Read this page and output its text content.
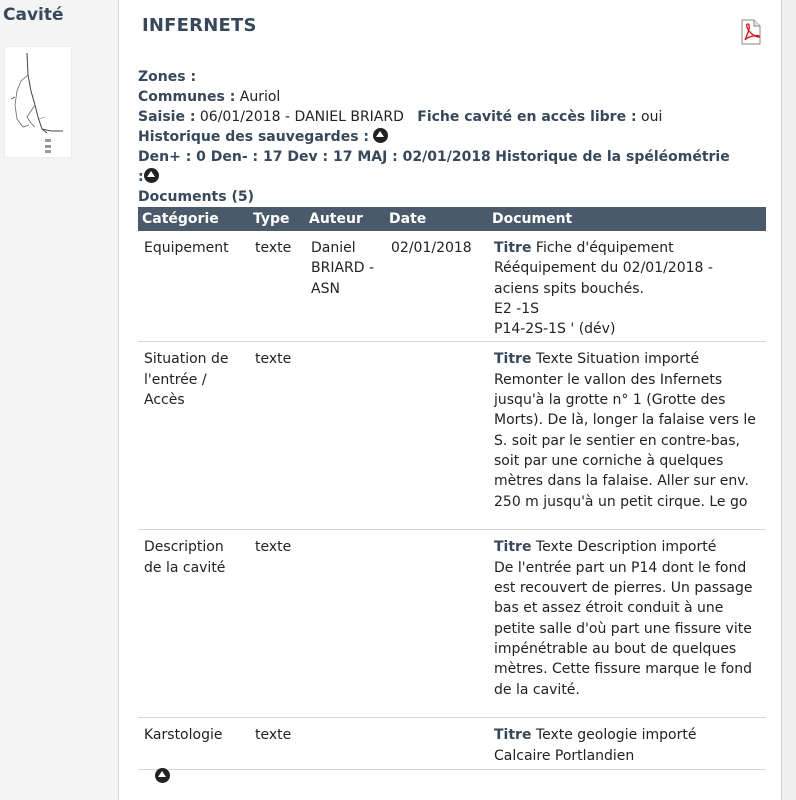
Cavité	INFERNETS
Zones :
Communes : Auriol
Saisie : 06/01/2018 - DANIEL BRIARD Fiche cavité en accès libre : oui
Historique des sauvegardes :
Den+ : 0 Den- : 17 Dev : 17 MAJ : 02/01/2018 Historique de la spéléométrie
:
Documents (5)
Catégorie	Type	Auteur	Date	Document
Equipement	texte	Daniel BRIARD - ASN	02/01/2018	Titre Fiche d'équipement
Rééquipement du 02/01/2018 - aciens spits bouchés.
E2 -1S
P14-2S-1S ' (dév)

Situation de l'entrée / Accès	texte			Titre Texte Situation importé
Remonter le vallon des Infernets jusqu'à la grotte n° 1 (Grotte des Morts). De là, longer la falaise vers le S. soit par le sentier en contre-bas, soit par une corniche à quelques mètres dans la falaise. Aller sur env. 250 m jusqu'à un petit cirque. Le go

Description de la cavité	texte			Titre Texte Description importé
De l'entrée part un P14 dont le fond est recouvert de pierres. Un passage bas et assez étroit conduit à une petite salle d'où part une fissure vite impénétrable au bout de quelques mètres. Cette fissure marque le fond de la cavité.

Karstologie	texte			Titre Texte geologie importé
Calcaire Portlandien
